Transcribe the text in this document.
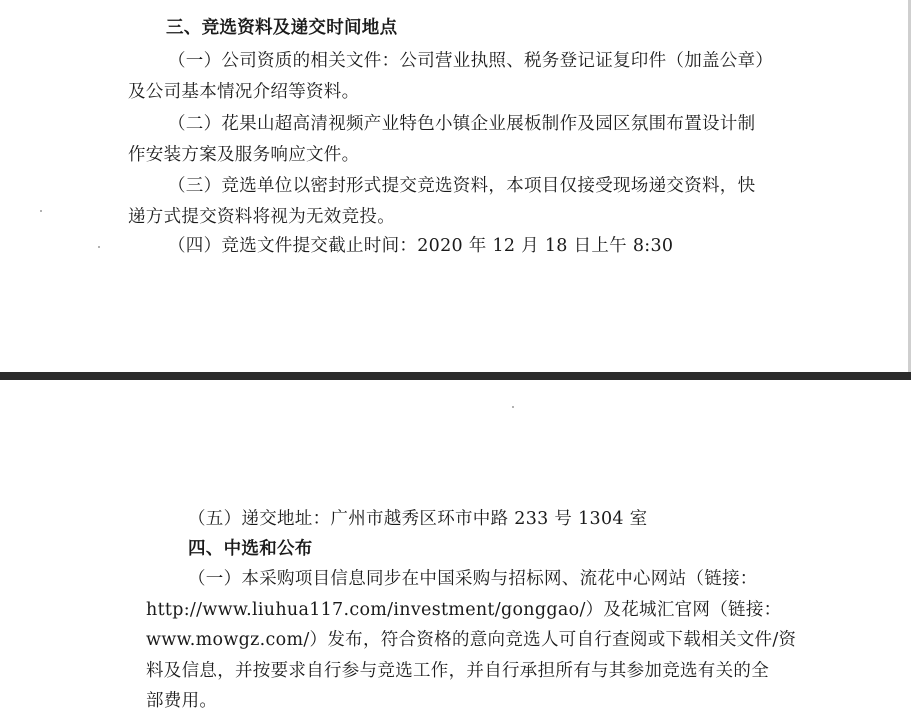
三、竞选资料及递交时间地点
（一）公司资质的相关文件：公司营业执照、税务登记证复印件（加盖公章）
及公司基本情况介绍等资料。
（二）花果山超高清视频产业特色小镇企业展板制作及园区氛围布置设计制
作安装方案及服务响应文件。
（三）竞选单位以密封形式提交竞选资料，本项目仅接受现场递交资料，快
递方式提交资料将视为无效竞投。
（四）竞选文件提交截止时间：2020 年 12 月 18 日上午 8:30
（五）递交地址：广州市越秀区环市中路 233 号 1304 室
四、中选和公布
（一）本采购项目信息同步在中国采购与招标网、流花中心网站（链接：
http://www.liuhua117.com/investment/gonggao/）及花城汇官网（链接：
www.mowgz.com/）发布，符合资格的意向竞选人可自行查阅或下载相关文件/资
料及信息，并按要求自行参与竞选工作，并自行承担所有与其参加竞选有关的全
部费用。
